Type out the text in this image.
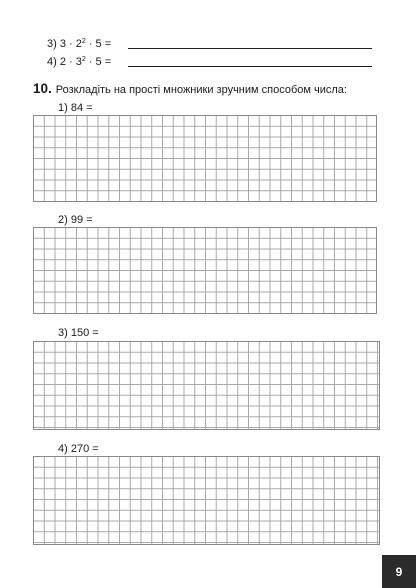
3) $3 \cdot 2^2 \cdot 5$ =
4) $2 \cdot 3^2 \cdot 5$ =
10. Розкладіть на прості множники зручним способом числа:
1) 84 =
2) 99 =
3) 150 =
4) 270 =
9
